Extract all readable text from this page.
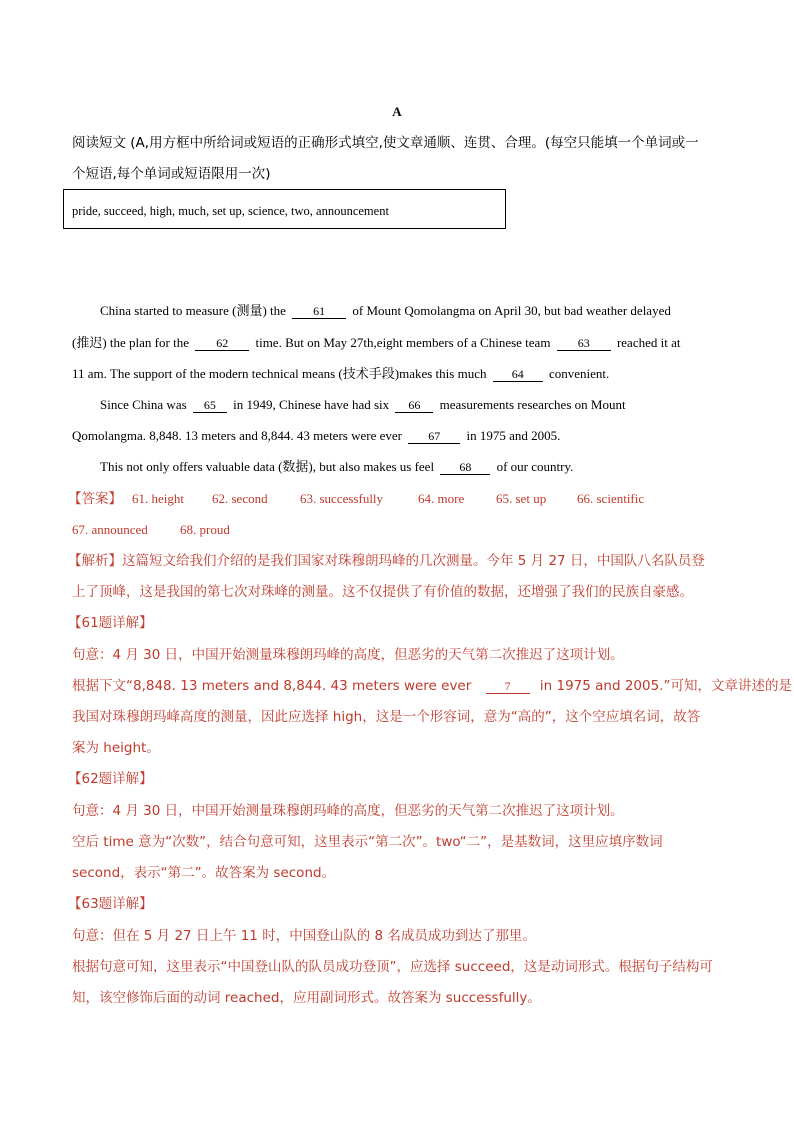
A
阅读短文 (A,用方框中所给词或短语的正确形式填空,使文章通顺、连贯、合理。(每空只能填一个单词或一
个短语,每个单词或短语限用一次)
pride, succeed, high, much, set up, science, two, announcement
China started to measure (测量) the 61 of Mount Qomolangma on April 30, but bad weather delayed
(推迟) the plan for the 62 time. But on May 27th,eight members of a Chinese team 63 reached it at
11 am. The support of the modern technical means (技术手段)makes this much 64 convenient.
Since China was 65 in 1949, Chinese have had six 66 measurements researches on Mount
Qomolangma. 8,848. 13 meters and 8,844. 43 meters were ever 67 in 1975 and 2005.
This not only offers valuable data (数据), but also makes us feel 68 of our country.
【答案】 61. height 62. second 63. successfully	64. more 65. set up 66. scientific
67. announced 68. proud
【解析】这篇短文给我们介绍的是我们国家对珠穆朗玛峰的几次测量。今年 5 月 27 日，中国队八名队员登
上了顶峰，这是我国的第七次对珠峰的测量。这不仅提供了有价值的数据，还增强了我们的民族自豪感。
【61题详解】
句意：4 月 30 日，中国开始测量珠穆朗玛峰的高度，但恶劣的天气第二次推迟了这项计划。
根据下文“8,848. 13 meters and 8,844. 43 meters were ever	7 in 1975 and 2005.”可知，文章讲述的是
我国对珠穆朗玛峰高度的测量，因此应选择 high，这是一个形容词，意为“高的”，这个空应填名词，故答
案为 height。
【62题详解】
句意：4 月 30 日，中国开始测量珠穆朗玛峰的高度，但恶劣的天气第二次推迟了这项计划。
空后 time 意为“次数”，结合句意可知，这里表示“第二次”。two“二”，是基数词，这里应填序数词
second，表示“第二”。故答案为 second。
【63题详解】
句意：但在 5 月 27 日上午 11 时，中国登山队的 8 名成员成功到达了那里。
根据句意可知，这里表示“中国登山队的队员成功登顶”，应选择 succeed，这是动词形式。根据句子结构可
知，该空修饰后面的动词 reached，应用副词形式。故答案为 successfully。
